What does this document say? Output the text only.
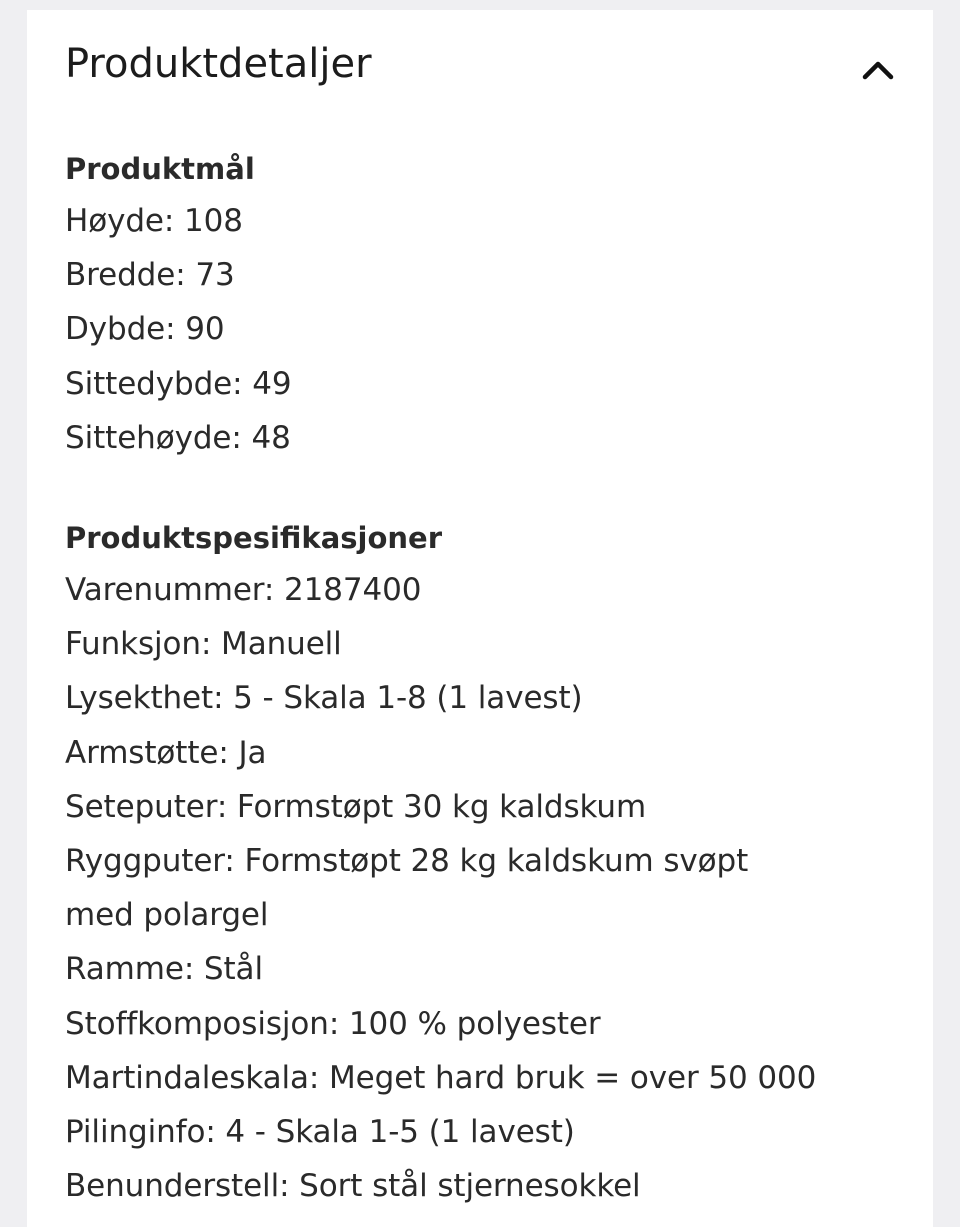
Produktdetaljer
Produktmål
Høyde: 108
Bredde: 73
Dybde: 90
Sittedybde: 49
Sittehøyde: 48
Produktspesifikasjoner
Varenummer: 2187400
Funksjon: Manuell
Lysekthet: 5 - Skala 1-8 (1 lavest)
Armstøtte: Ja
Seteputer: Formstøpt 30 kg kaldskum
Ryggputer: Formstøpt 28 kg kaldskum svøpt
med polargel
Ramme: Stål
Stoffkomposisjon: 100 % polyester
Martindaleskala: Meget hard bruk = over 50 000
Pilinginfo: 4 - Skala 1-5 (1 lavest)
Benunderstell: Sort stål stjernesokkel
